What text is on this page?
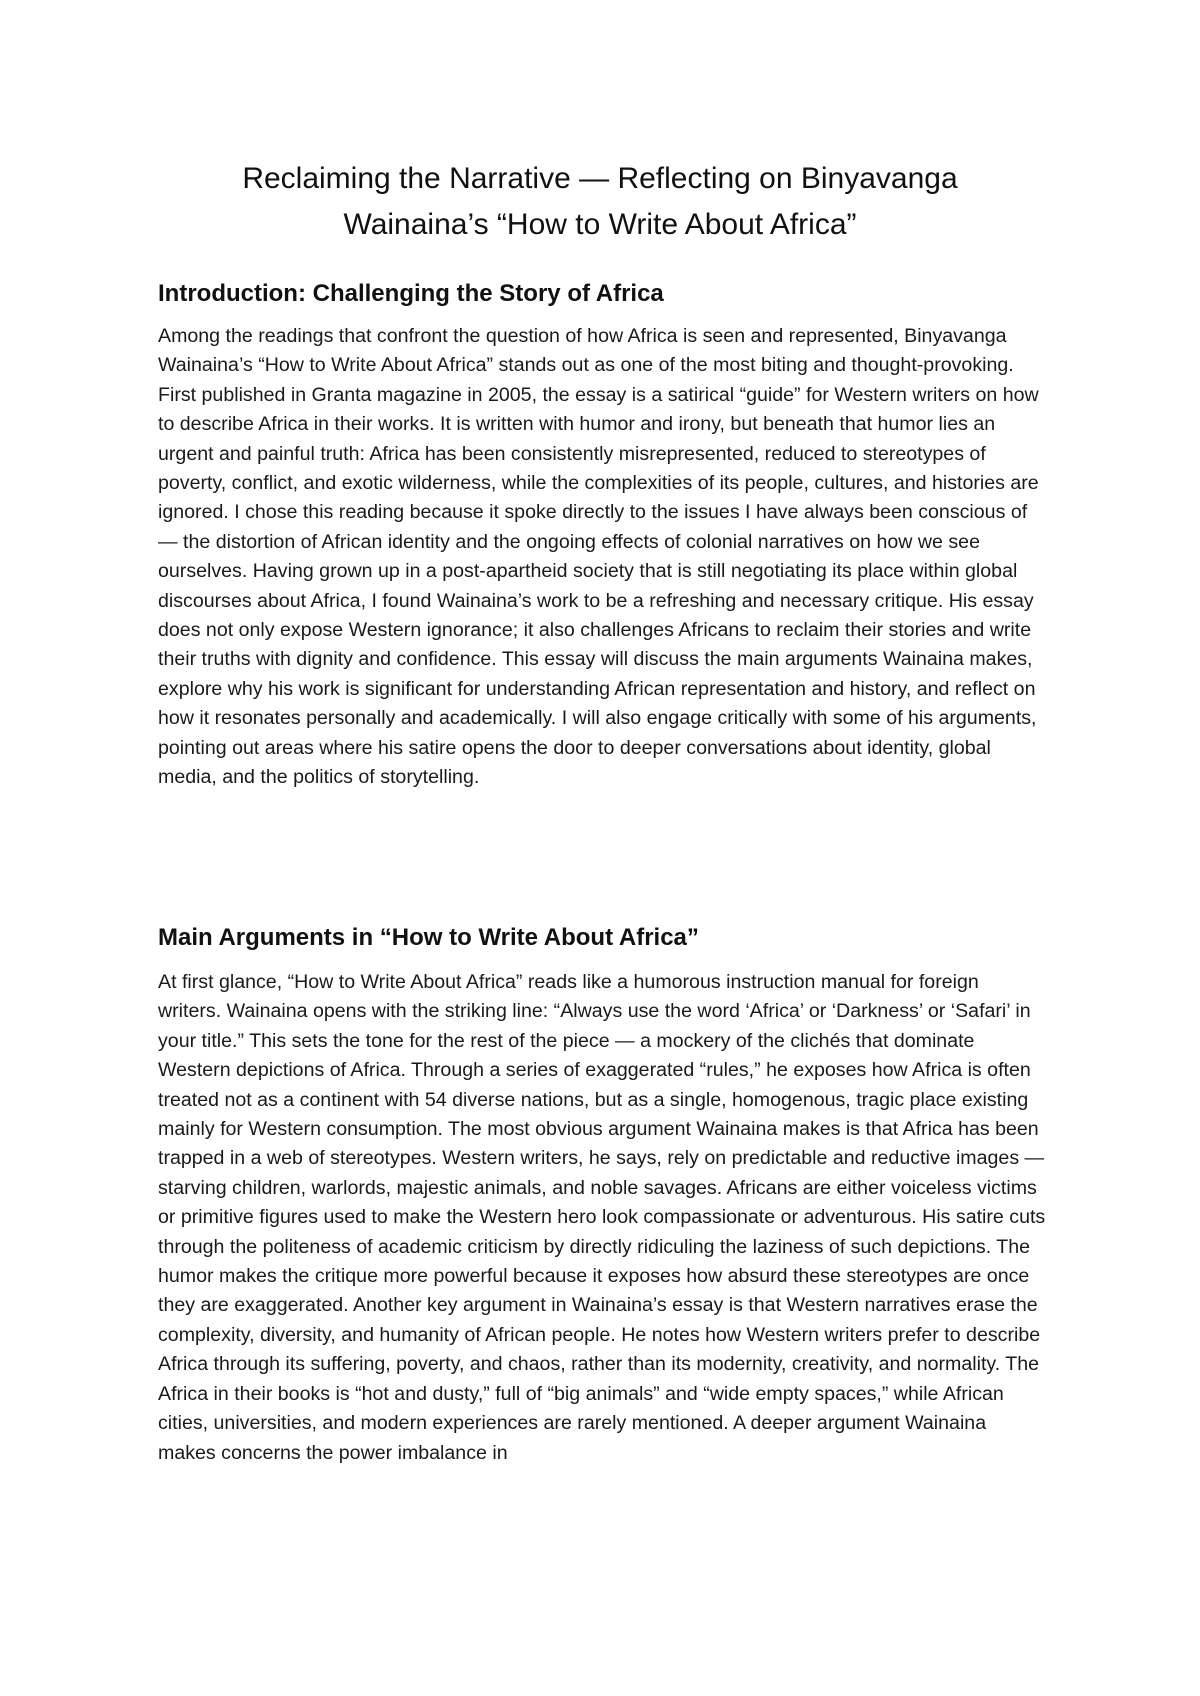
Reclaiming the Narrative — Reflecting on Binyavanga
Wainaina’s “How to Write About Africa”
Introduction: Challenging the Story of Africa

Among the readings that confront the question of how Africa is seen and represented, Binyavanga Wainaina’s “How to Write About Africa” stands out as one of the most biting and thought-provoking. First published in Granta magazine in 2005, the essay is a satirical “guide” for Western writers on how to describe Africa in their works. It is written with humor and irony, but beneath that humor lies an urgent and painful truth: Africa has been consistently misrepresented, reduced to stereotypes of poverty, conflict, and exotic wilderness, while the complexities of its people, cultures, and histories are ignored. I chose this reading because it spoke directly to the issues I have always been conscious of — the distortion of African identity and the ongoing effects of colonial narratives on how we see ourselves. Having grown up in a post-apartheid society that is still negotiating its place within global discourses about Africa, I found Wainaina’s work to be a refreshing and necessary critique. His essay does not only expose Western ignorance; it also challenges Africans to reclaim their stories and write their truths with dignity and confidence. This essay will discuss the main arguments Wainaina makes, explore why his work is significant for understanding African representation and history, and reflect on how it resonates personally and academically. I will also engage critically with some of his arguments, pointing out areas where his satire opens the door to deeper conversations about identity, global media, and the politics of storytelling.

Main Arguments in “How to Write About Africa”

At first glance, “How to Write About Africa” reads like a humorous instruction manual for foreign writers. Wainaina opens with the striking line: “Always use the word ‘Africa’ or ‘Darkness’ or ‘Safari’ in your title.” This sets the tone for the rest of the piece — a mockery of the clichés that dominate Western depictions of Africa. Through a series of exaggerated “rules,” he exposes how Africa is often treated not as a continent with 54 diverse nations, but as a single, homogenous, tragic place existing mainly for Western consumption. The most obvious argument Wainaina makes is that Africa has been trapped in a web of stereotypes. Western writers, he says, rely on predictable and reductive images — starving children, warlords, majestic animals, and noble savages. Africans are either voiceless victims or primitive figures used to make the Western hero look compassionate or adventurous. His satire cuts through the politeness of academic criticism by directly ridiculing the laziness of such depictions. The humor makes the critique more powerful because it exposes how absurd these stereotypes are once they are exaggerated. Another key argument in Wainaina’s essay is that Western narratives erase the complexity, diversity, and humanity of African people. He notes how Western writers prefer to describe Africa through its suffering, poverty, and chaos, rather than its modernity, creativity, and normality. The Africa in their books is “hot and dusty,” full of “big animals” and “wide empty spaces,” while African cities, universities, and modern experiences are rarely mentioned. A deeper argument Wainaina makes concerns the power imbalance in
